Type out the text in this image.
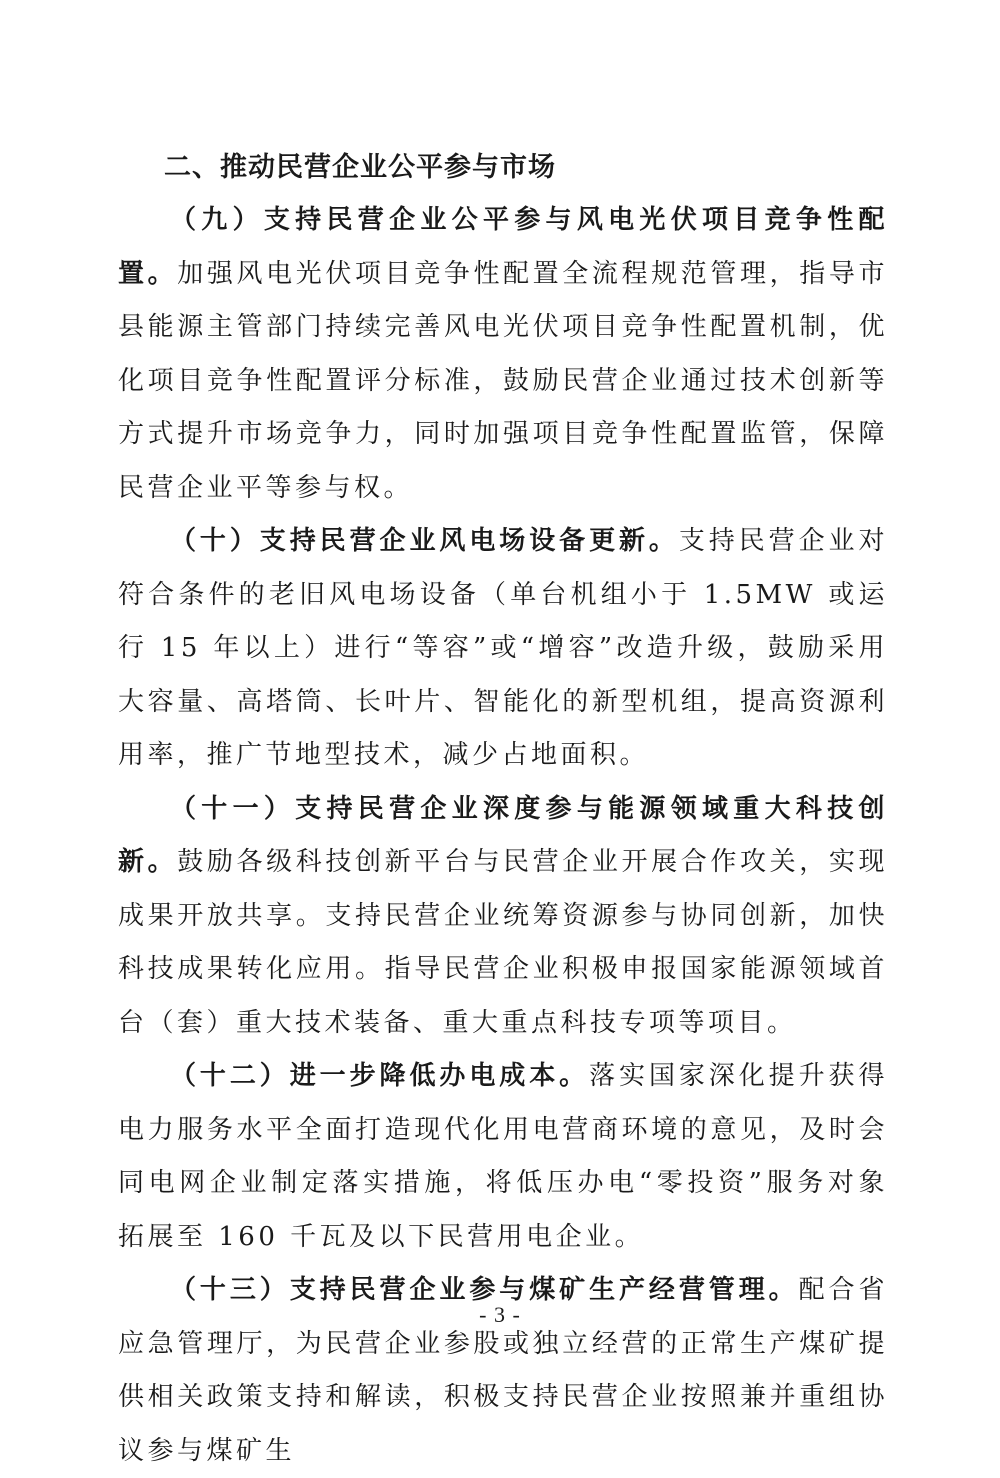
二、推动民营企业公平参与市场

（九）支持民营企业公平参与风电光伏项目竞争性配置。加强风电光伏项目竞争性配置全流程规范管理，指导市县能源主管部门持续完善风电光伏项目竞争性配置机制，优化项目竞争性配置评分标准，鼓励民营企业通过技术创新等方式提升市场竞争力，同时加强项目竞争性配置监管，保障民营企业平等参与权。

（十）支持民营企业风电场设备更新。支持民营企业对符合条件的老旧风电场设备（单台机组小于 1.5MW 或运行 15 年以上）进行“等容”或“增容”改造升级，鼓励采用大容量、高塔筒、长叶片、智能化的新型机组，提高资源利用率，推广节地型技术，减少占地面积。

（十一）支持民营企业深度参与能源领域重大科技创新。鼓励各级科技创新平台与民营企业开展合作攻关，实现成果开放共享。支持民营企业统筹资源参与协同创新，加快科技成果转化应用。指导民营企业积极申报国家能源领域首台（套）重大技术装备、重大重点科技专项等项目。

（十二）进一步降低办电成本。落实国家深化提升获得电力服务水平全面打造现代化用电营商环境的意见，及时会同电网企业制定落实措施，将低压办电“零投资”服务对象拓展至 160 千瓦及以下民营用电企业。

（十三）支持民营企业参与煤矿生产经营管理。配合省应急管理厅，为民营企业参股或独立经营的正常生产煤矿提供相关政策支持和解读，积极支持民营企业按照兼并重组协议参与煤矿生

- 3 -
